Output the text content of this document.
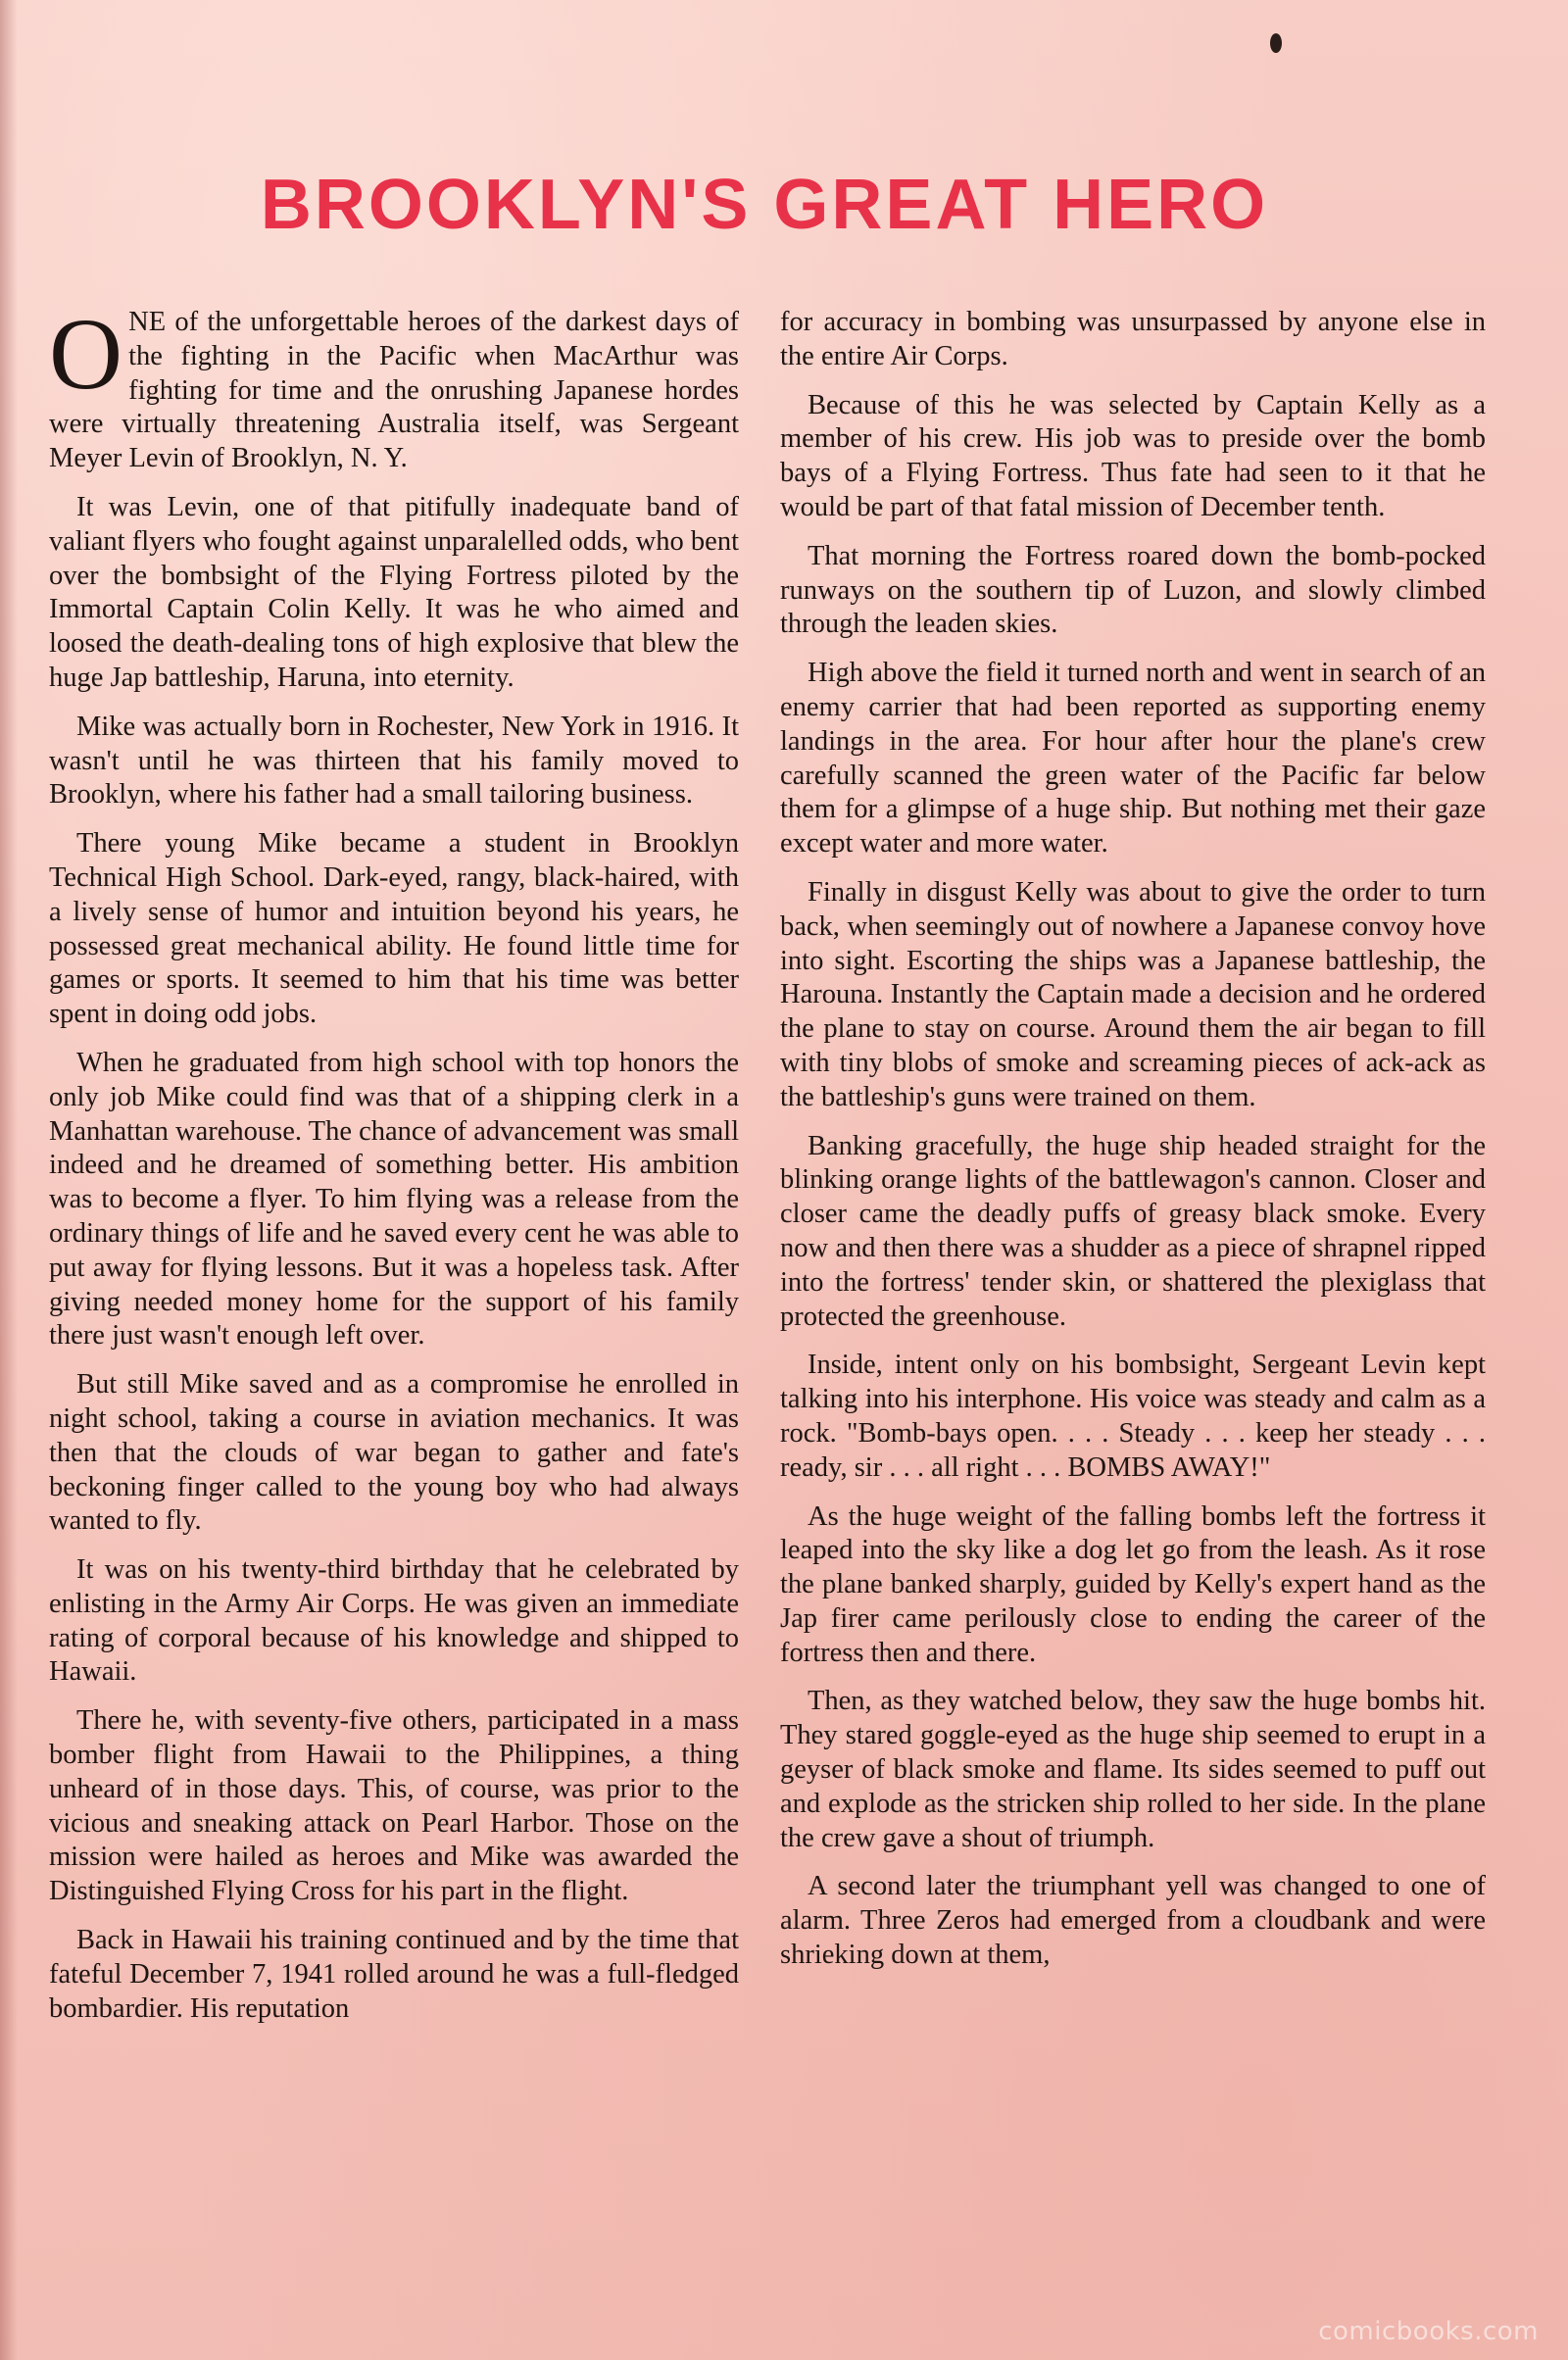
BROOKLYN'S GREAT HERO

ONE of the unforgettable heroes of the darkest days of the fighting in the Pacific when MacArthur was fighting for time and the onrushing Japanese hordes were virtually threatening Australia itself, was Sergeant Meyer Levin of Brooklyn, N. Y.

It was Levin, one of that pitifully inadequate band of valiant flyers who fought against unparalelled odds, who bent over the bombsight of the Flying Fortress piloted by the Immortal Captain Colin Kelly. It was he who aimed and loosed the death-dealing tons of high explosive that blew the huge Jap battleship, Haruna, into eternity.

Mike was actually born in Rochester, New York in 1916. It wasn't until he was thirteen that his family moved to Brooklyn, where his father had a small tailoring business.

There young Mike became a student in Brooklyn Technical High School. Dark-eyed, rangy, black-haired, with a lively sense of humor and intuition beyond his years, he possessed great mechanical ability. He found little time for games or sports. It seemed to him that his time was better spent in doing odd jobs.

When he graduated from high school with top honors the only job Mike could find was that of a shipping clerk in a Manhattan warehouse. The chance of advancement was small indeed and he dreamed of something better. His ambition was to become a flyer. To him flying was a release from the ordinary things of life and he saved every cent he was able to put away for flying lessons. But it was a hopeless task. After giving needed money home for the support of his family there just wasn't enough left over.

But still Mike saved and as a compromise he enrolled in night school, taking a course in aviation mechanics. It was then that the clouds of war began to gather and fate's beckoning finger called to the young boy who had always wanted to fly.

It was on his twenty-third birthday that he celebrated by enlisting in the Army Air Corps. He was given an immediate rating of corporal because of his knowledge and shipped to Hawaii.

There he, with seventy-five others, participated in a mass bomber flight from Hawaii to the Philippines, a thing unheard of in those days. This, of course, was prior to the vicious and sneaking attack on Pearl Harbor. Those on the mission were hailed as heroes and Mike was awarded the Distinguished Flying Cross for his part in the flight.

Back in Hawaii his training continued and by the time that fateful December 7, 1941 rolled around he was a full-fledged bombardier. His reputation

for accuracy in bombing was unsurpassed by anyone else in the entire Air Corps.

Because of this he was selected by Captain Kelly as a member of his crew. His job was to preside over the bomb bays of a Flying Fortress. Thus fate had seen to it that he would be part of that fatal mission of December tenth.

That morning the Fortress roared down the bomb-pocked runways on the southern tip of Luzon, and slowly climbed through the leaden skies.

High above the field it turned north and went in search of an enemy carrier that had been reported as supporting enemy landings in the area. For hour after hour the plane's crew carefully scanned the green water of the Pacific far below them for a glimpse of a huge ship. But nothing met their gaze except water and more water.

Finally in disgust Kelly was about to give the order to turn back, when seemingly out of nowhere a Japanese convoy hove into sight. Escorting the ships was a Japanese battleship, the Harouna. Instantly the Captain made a decision and he ordered the plane to stay on course. Around them the air began to fill with tiny blobs of smoke and screaming pieces of ack-ack as the battleship's guns were trained on them.

Banking gracefully, the huge ship headed straight for the blinking orange lights of the battlewagon's cannon. Closer and closer came the deadly puffs of greasy black smoke. Every now and then there was a shudder as a piece of shrapnel ripped into the fortress' tender skin, or shattered the plexiglass that protected the greenhouse.

Inside, intent only on his bombsight, Sergeant Levin kept talking into his interphone. His voice was steady and calm as a rock. "Bomb-bays open. . . . Steady . . . keep her steady . . . ready, sir . . . all right . . . BOMBS AWAY!"

As the huge weight of the falling bombs left the fortress it leaped into the sky like a dog let go from the leash. As it rose the plane banked sharply, guided by Kelly's expert hand as the Jap firer came perilously close to ending the career of the fortress then and there.

Then, as they watched below, they saw the huge bombs hit. They stared goggle-eyed as the huge ship seemed to erupt in a geyser of black smoke and flame. Its sides seemed to puff out and explode as the stricken ship rolled to her side. In the plane the crew gave a shout of triumph.

A second later the triumphant yell was changed to one of alarm. Three Zeros had emerged from a cloudbank and were shrieking down at them,

comicbooks.com
